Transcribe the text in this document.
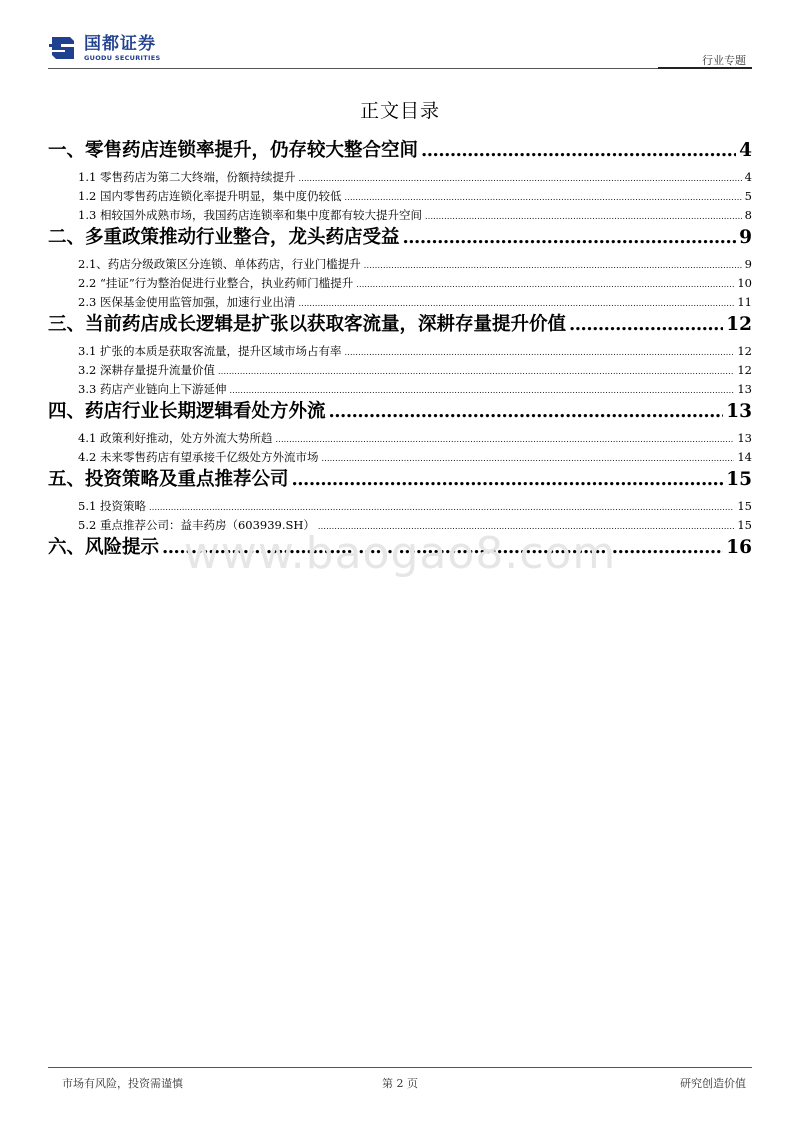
国都证券
GUODU SECURITIES	行业专题
正文目录
一、零售药店连锁率提升，仍存较大整合空间 .....	4
1.1 零售药店为第二大终端，份额持续提升 .....	4
1.2 国内零售药店连锁化率提升明显，集中度仍较低 .....	5
1.3 相较国外成熟市场，我国药店连锁率和集中度都有较大提升空间 .....	8
二、多重政策推动行业整合，龙头药店受益 .....	9
2.1、药店分级政策区分连锁、单体药店，行业门槛提升 .....	9
2.2 “挂证”行为整治促进行业整合，执业药师门槛提升 .....	10
2.3 医保基金使用监管加强，加速行业出清 .....	11
三、当前药店成长逻辑是扩张以获取客流量，深耕存量提升价值 .....	12
3.1 扩张的本质是获取客流量，提升区域市场占有率 .....	12
3.2 深耕存量提升流量价值 .....	12
3.3 药店产业链向上下游延伸 .....	13
四、药店行业长期逻辑看处方外流 .....	13
4.1 政策利好推动，处方外流大势所趋 .....	13
4.2 未来零售药店有望承接千亿级处方外流市场 .....	14
五、投资策略及重点推荐公司 .....	15
5.1 投资策略 .....	15
5.2 重点推荐公司：益丰药房（603939.SH） .....	15
六、风险提示 .....	16
www.baogao8.com
市场有风险，投资需谨慎	第 2 页	研究创造价值
